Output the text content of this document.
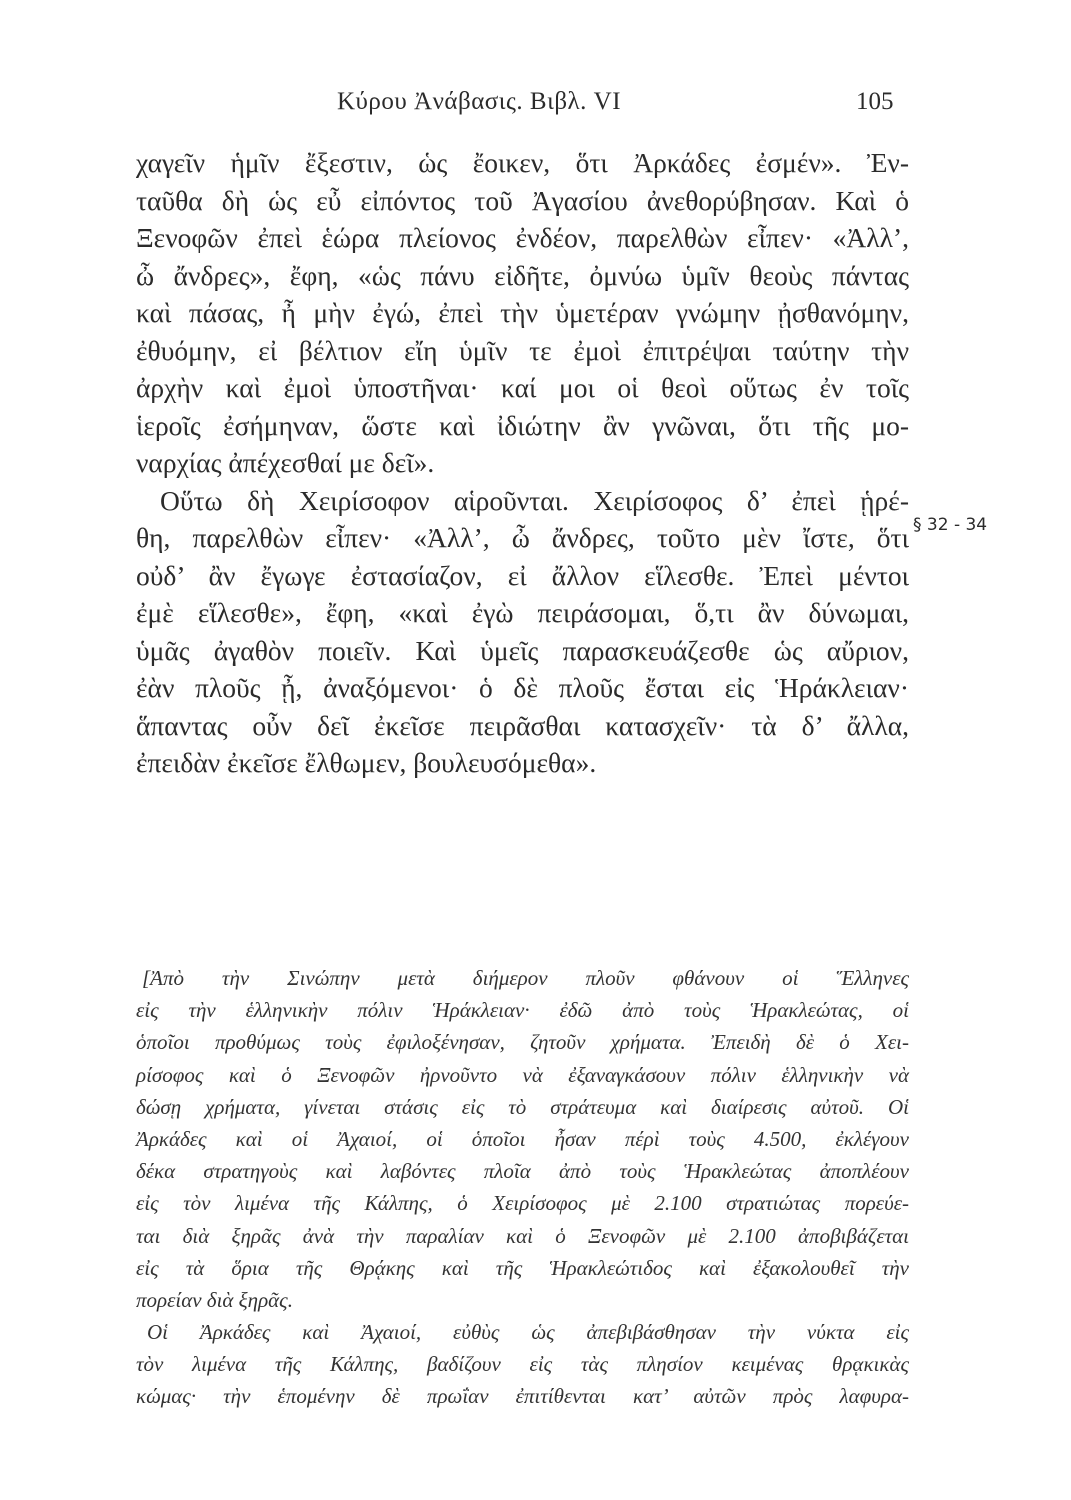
Κύρου Ἀνάβασις. Βιβλ. VI	105
χαγεῖν ἡμῖν ἔξεστιν, ὡς ἔοικεν, ὅτι Ἀρκάδες ἐσμέν». Ἐν-
ταῦθα δὴ ὡς εὖ εἰπόντος τοῦ Ἀγασίου ἀνεθορύβησαν. Καὶ ὁ
Ξενοφῶν ἐπεὶ ἑώρα πλείονος ἐνδέον, παρελθὼν εἶπεν· «Ἀλλ’,
ὦ ἄνδρες», ἔφη, «ὡς πάνυ εἰδῆτε, ὀμνύω ὑμῖν θεοὺς πάντας
καὶ πάσας, ἦ μὴν ἐγώ, ἐπεὶ τὴν ὑμετέραν γνώμην ᾐσθανόμην,
ἐθυόμην, εἰ βέλτιον εἴη ὑμῖν τε ἐμοὶ ἐπιτρέψαι ταύτην τὴν
ἀρχὴν καὶ ἐμοὶ ὑποστῆναι· καί μοι οἱ θεοὶ οὕτως ἐν τοῖς
ἱεροῖς ἐσήμηναν, ὥστε καὶ ἰδιώτην ἂν γνῶναι, ὅτι τῆς μο-
ναρχίας ἀπέχεσθαί με δεῖ».
Οὕτω δὴ Χειρίσοφον αἱροῦνται. Χειρίσοφος δ’ ἐπεὶ ᾑρέ-
θη, παρελθὼν εἶπεν· «Ἀλλ’, ὦ ἄνδρες, τοῦτο μὲν ἴστε, ὅτι
οὐδ’ ἂν ἔγωγε ἐστασίαζον, εἰ ἄλλον εἵλεσθε. Ἐπεὶ μέντοι
ἐμὲ εἵλεσθε», ἔφη, «καὶ ἐγὼ πειράσομαι, ὅ,τι ἂν δύνωμαι,
ὑμᾶς ἀγαθὸν ποιεῖν. Καὶ ὑμεῖς παρασκευάζεσθε ὡς αὔριον,
ἐὰν πλοῦς ᾖ, ἀναξόμενοι· ὁ δὲ πλοῦς ἔσται εἰς Ἡράκλειαν·
ἅπαντας οὖν δεῖ ἐκεῖσε πειρᾶσθαι κατασχεῖν· τὰ δ’ ἄλλα,
ἐπειδὰν ἐκεῖσε ἔλθωμεν, βουλευσόμεθα».
§ 32 - 34
[Ἀπὸ τὴν Σινώπην μετὰ διήμερον πλοῦν φθάνουν οἱ Ἕλληνες
εἰς τὴν ἑλληνικὴν πόλιν Ἡράκλειαν· ἐδῶ ἀπὸ τοὺς Ἡρακλεώτας, οἱ
ὁποῖοι προθύμως τοὺς ἐφιλοξένησαν, ζητοῦν χρήματα. Ἐπειδὴ δὲ ὁ Χει-
ρίσοφος καὶ ὁ Ξενοφῶν ἠρνοῦντο νὰ ἐξαναγκάσουν πόλιν ἑλληνικὴν νὰ
δώσῃ χρήματα, γίνεται στάσις εἰς τὸ στράτευμα καὶ διαίρεσις αὐτοῦ. Οἱ
Ἀρκάδες καὶ οἱ Ἀχαιοί, οἱ ὁποῖοι ἦσαν πέρὶ τοὺς 4.500, ἐκλέγουν
δέκα στρατηγοὺς καὶ λαβόντες πλοῖα ἀπὸ τοὺς Ἡρακλεώτας ἀποπλέουν
εἰς τὸν λιμένα τῆς Κάλπης, ὁ Χειρίσοφος μὲ 2.100 στρατιώτας πορεύε-
ται διὰ ξηρᾶς ἀνὰ τὴν παραλίαν καὶ ὁ Ξενοφῶν μὲ 2.100 ἀποβιβάζεται
εἰς τὰ ὅρια τῆς Θρᾴκης καὶ τῆς Ἡρακλεώτιδος καὶ ἐξακολουθεῖ τὴν
πορείαν διὰ ξηρᾶς.
Οἱ Ἀρκάδες καὶ Ἀχαιοί, εὐθὺς ὡς ἀπεβιβάσθησαν τὴν νύκτα εἰς
τὸν λιμένα τῆς Κάλπης, βαδίζουν εἰς τὰς πλησίον κειμένας θρᾳκικὰς
κώμας· τὴν ἑπομένην δὲ πρωΐαν ἐπιτίθενται κατ’ αὐτῶν πρὸς λαφυρα-
